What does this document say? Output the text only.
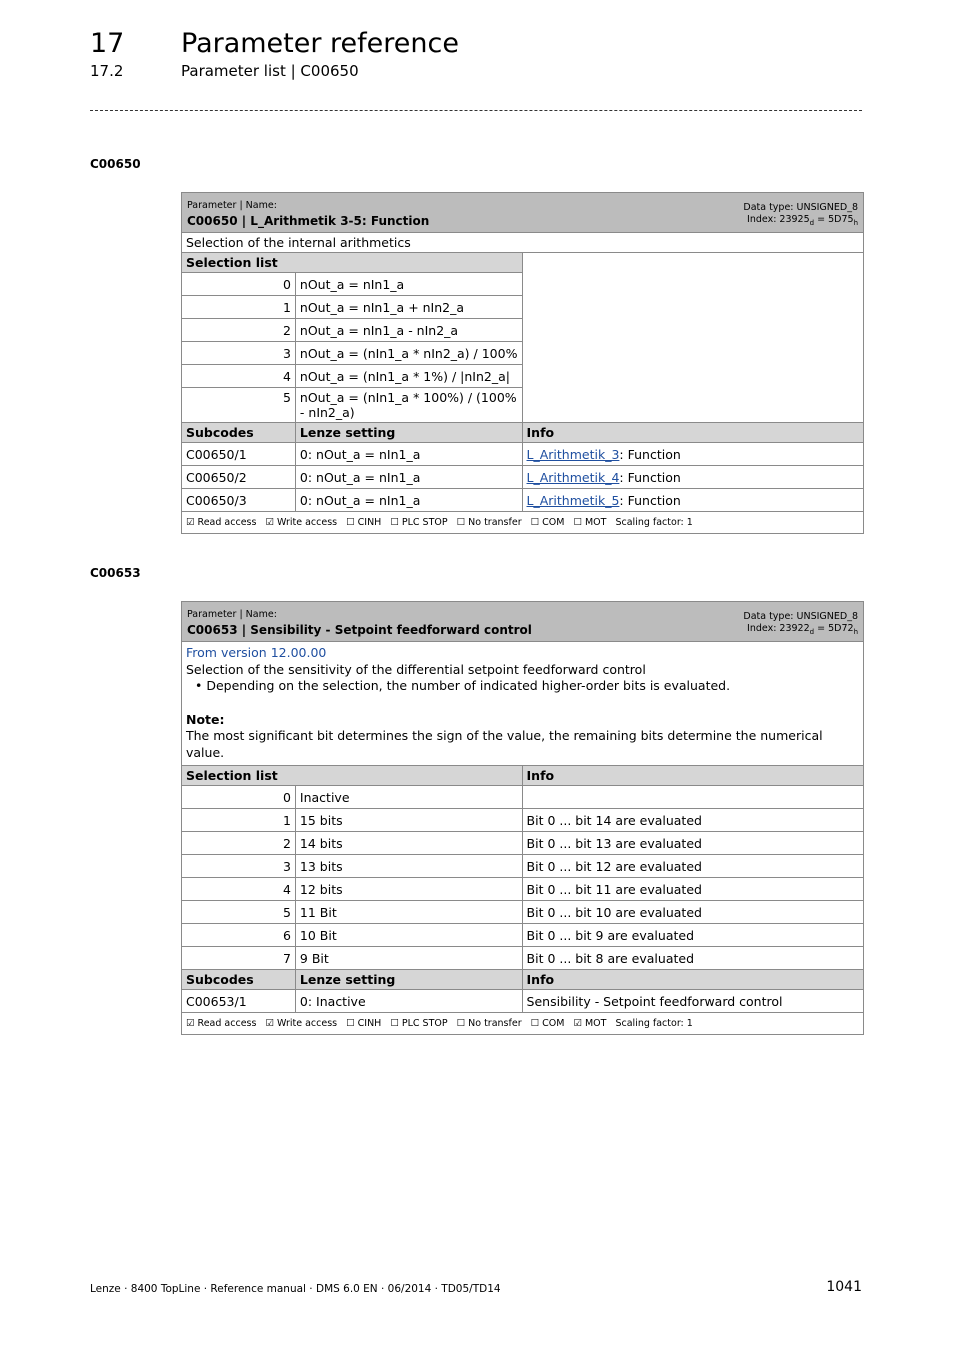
17 Parameter reference
17.2	Parameter list | C00650
C00650
Parameter | Name:
C00650 | L_Arithmetik 3-5: Function
Data type: UNSIGNED_8
Index: $23925_d = 5D75_h$

Selection of the internal arithmetics		
Selection list		
0	nOut_a = nIn1_a	
1	nOut_a = nIn1_a + nIn2_a	
2	nOut_a = nIn1_a - nIn2_a	
3	nOut_a = (nIn1_a * nIn2_a) / 100%	
4	nOut_a = (nIn1_a * 1%) / |nIn2_a|	
5	nOut_a = (nIn1_a * 100%) / (100% - nIn2_a)	
Subcodes	Lenze setting	Info
C00650/1	0: nOut_a = nIn1_a	L_Arithmetik_3: Function
C00650/2	0: nOut_a = nIn1_a	L_Arithmetik_4: Function
C00650/3	0: nOut_a = nIn1_a	L_Arithmetik_5: Function
☑ Read access ☑ Write access ☐ CINH ☐ PLC STOP ☐ No transfer ☐ COM ☐ MOT Scaling factor: 1		
C00653
Parameter | Name:
C00653 | Sensibility - Setpoint feedforward control
Data type: UNSIGNED_8
Index: $23922_d = 5D72_h$

From version 12.00.00
Selection of the sensitivity of the differential setpoint feedforward control
• Depending on the selection, the number of indicated higher-order bits is evaluated.
Note:
The most significant bit determines the sign of the value, the remaining bits determine the numerical value.		

Selection list		Info
0	Inactive	
1	15 bits	Bit 0 ... bit 14 are evaluated
2	14 bits	Bit 0 ... bit 13 are evaluated
3	13 bits	Bit 0 ... bit 12 are evaluated
4	12 bits	Bit 0 ... bit 11 are evaluated
5	11 Bit	Bit 0 ... bit 10 are evaluated
6	10 Bit	Bit 0 ... bit 9 are evaluated
7	9 Bit	Bit 0 ... bit 8 are evaluated
Subcodes	Lenze setting	Info
C00653/1	0: Inactive	Sensibility - Setpoint feedforward control
☑ Read access ☑ Write access ☐ CINH ☐ PLC STOP ☐ No transfer ☐ COM ☑ MOT Scaling factor: 1		
Lenze · 8400 TopLine · Reference manual · DMS 6.0 EN · 06/2014 · TD05/TD14	1041
